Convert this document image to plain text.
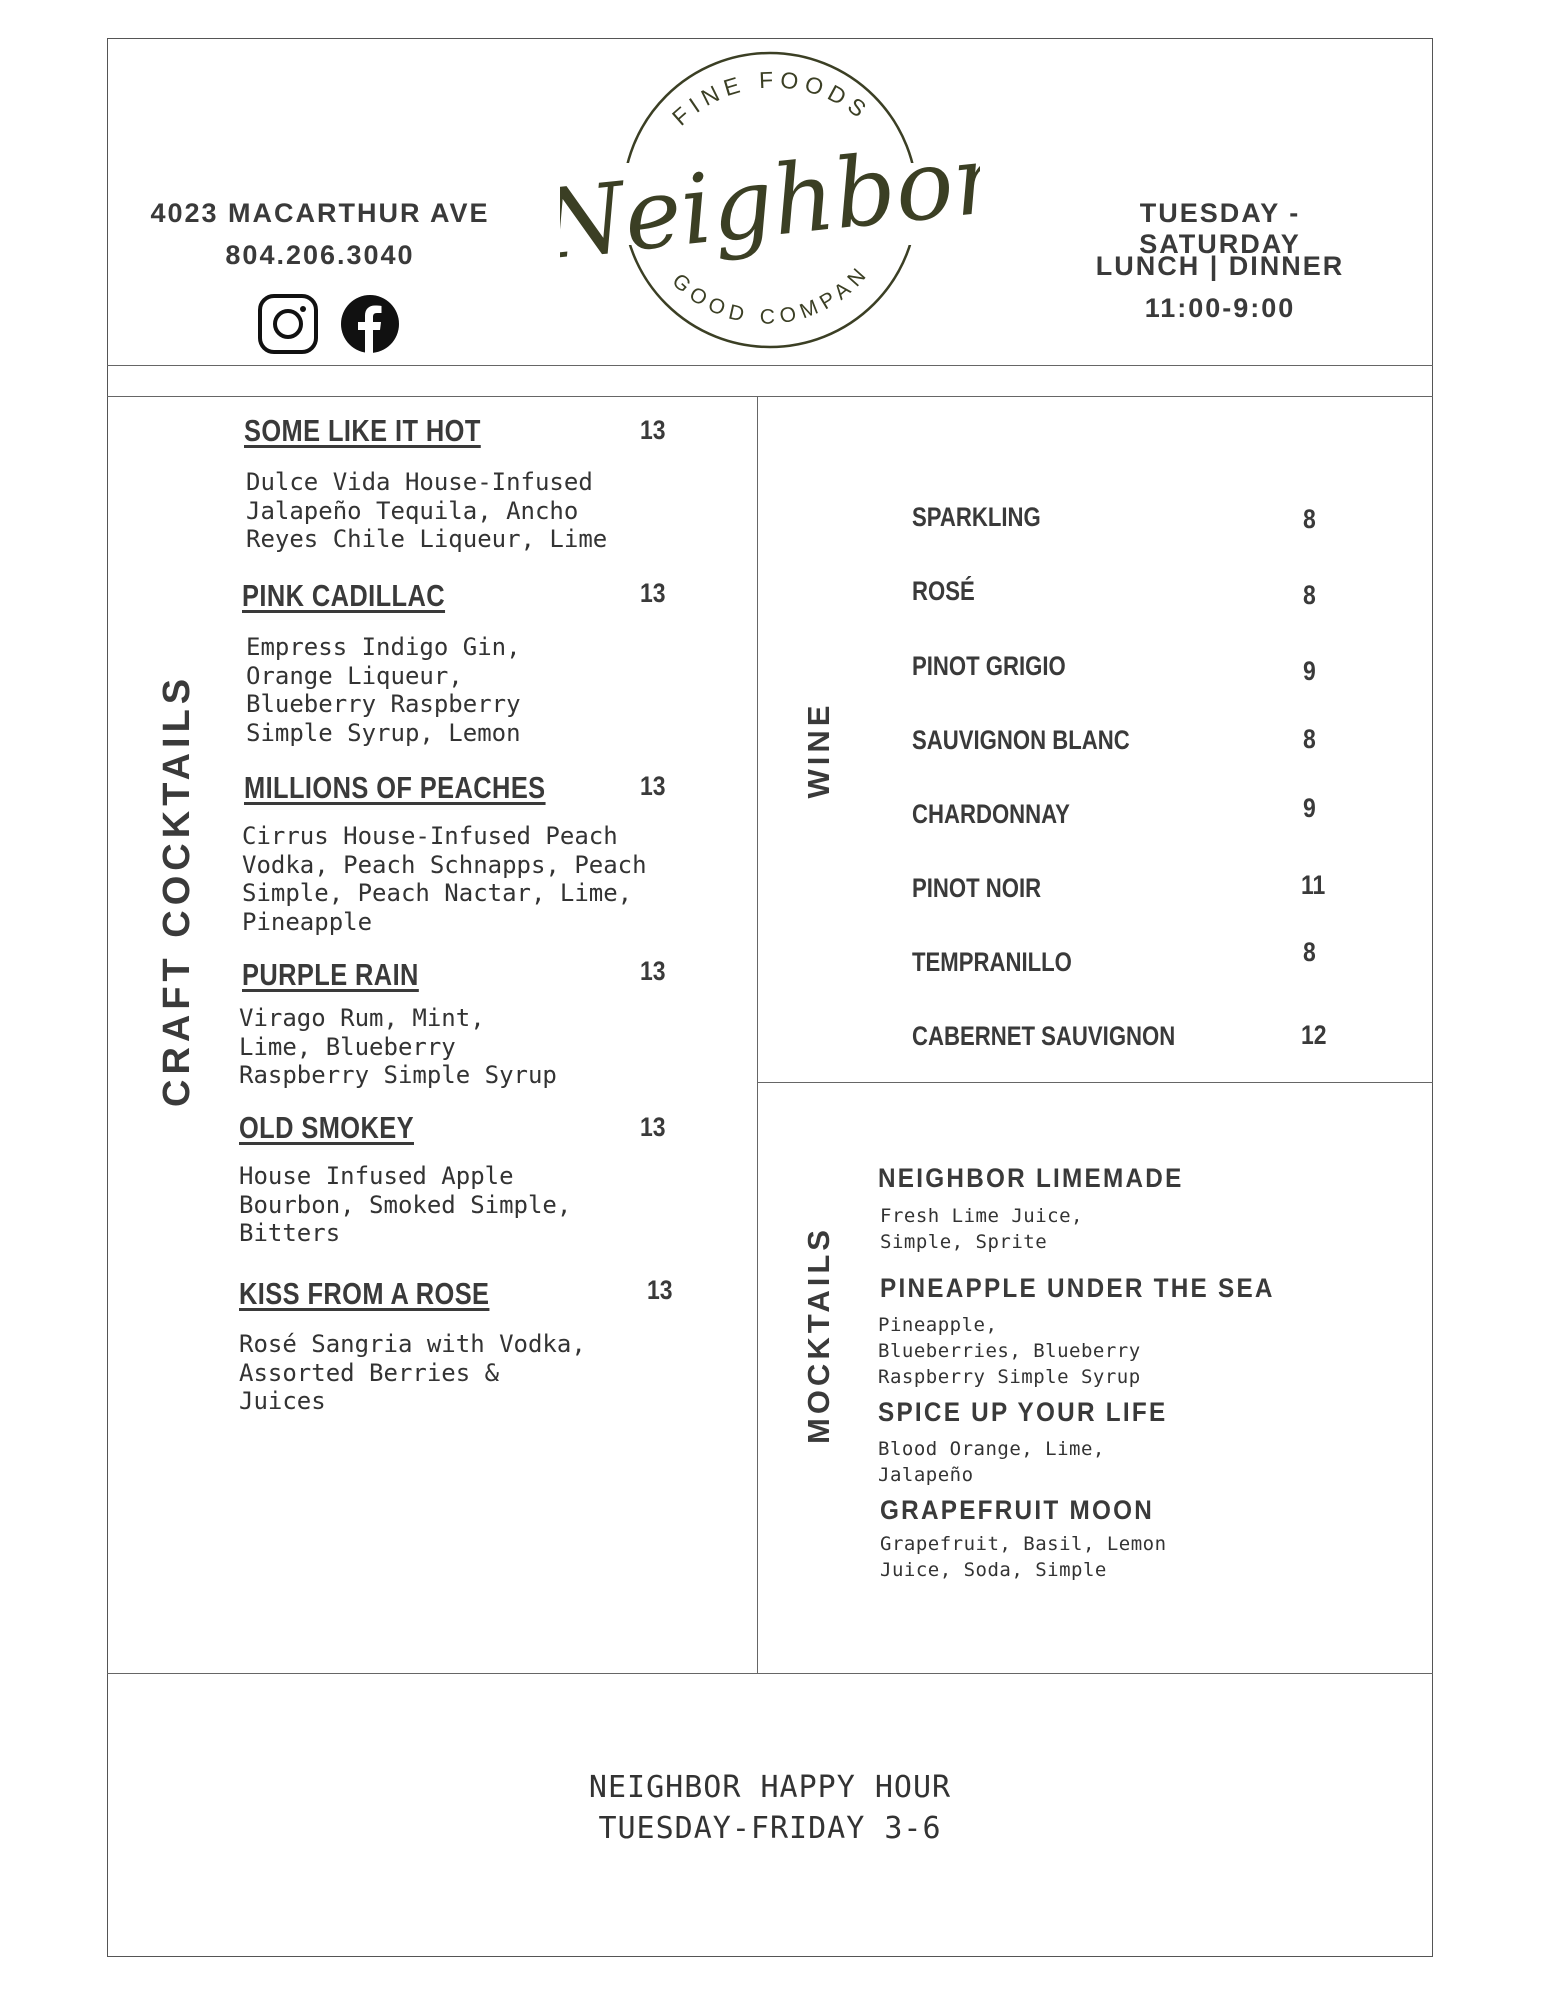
4023 MACARTHUR AVE
804.206.3040
FINE FOODS
GOOD COMPAN
Neighbor	TUESDAY - SATURDAY
LUNCH | DINNER
11:00-9:00
CRAFT COCKTAILS
SOME LIKE IT HOT	13
Dulce Vida House-Infused
Jalapeño Tequila, Ancho
Reyes Chile Liqueur, Lime
PINK CADILLAC	13
Empress Indigo Gin,
Orange Liqueur,
Blueberry Raspberry
Simple Syrup, Lemon
MILLIONS OF PEACHES	13
Cirrus House-Infused Peach
Vodka, Peach Schnapps, Peach
Simple, Peach Nactar, Lime,
Pineapple
PURPLE RAIN	13
Virago Rum, Mint,
Lime, Blueberry
Raspberry Simple Syrup
OLD SMOKEY	13
House Infused Apple
Bourbon, Smoked Simple,
Bitters
KISS FROM A ROSE	13
Rosé Sangria with Vodka,
Assorted Berries &
Juices
WINE
SPARKLING	8
ROSÉ	8
PINOT GRIGIO	9
SAUVIGNON BLANC	8
CHARDONNAY	9
PINOT NOIR	11
TEMPRANILLO	8
CABERNET SAUVIGNON	12
MOCKTAILS
NEIGHBOR LIMEMADE
Fresh Lime Juice,
Simple, Sprite
PINEAPPLE UNDER THE SEA
Pineapple,
Blueberries, Blueberry
Raspberry Simple Syrup
SPICE UP YOUR LIFE
Blood Orange, Lime,
Jalapeño
GRAPEFRUIT MOON
Grapefruit, Basil, Lemon
Juice, Soda, Simple
NEIGHBOR HAPPY HOUR
TUESDAY-FRIDAY 3-6
